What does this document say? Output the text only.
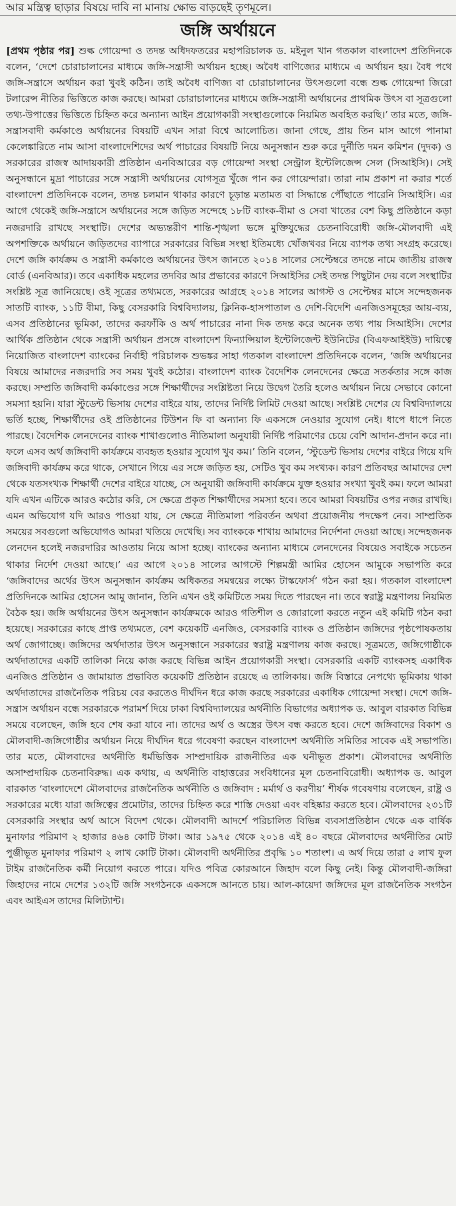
আর মন্ত্রিত্ব ছাড়ার বিষয়ে দাবি না মানায় ক্ষোভ বাড়ছেই তৃণমূলে।

জঙ্গি অর্থায়নে

[প্রথম পৃষ্ঠার পর] শুল্ক গোয়েন্দা ও তদন্ত অধিদফতরের মহাপরিচালক ড. মইনুল খান গতকাল বাংলাদেশ প্রতিদিনকে বলেন, ‘দেশে চোরাচালানের মাধ্যমে জঙ্গি-সন্ত্রাসী অর্থায়ন হচ্ছে। অবৈধ বাণিজ্যের মাধ্যমে এ অর্থায়ন হয়। বৈধ পথে জঙ্গি-সন্ত্রাসে অর্থায়ন করা খুবই কঠিন। তাই অবৈধ বাণিজ্য বা চোরাচালানের উৎসগুলো বন্ধে শুল্ক গোয়েন্দা জিরো টলারেন্স নীতির ভিত্তিতে কাজ করছে। আমরা চোরাচালানের মাধ্যমে জঙ্গি-সন্ত্রাসী অর্থায়নের প্রাথমিক উৎস বা সূত্রগুলো তথ্য-উপাত্তের ভিত্তিতে চিহ্নিত করে অন্যান্য আইন প্রয়োগকারী সংস্থাগুলোকে নিয়মিত অবহিত করছি।’ তার মতে, জঙ্গি-সন্ত্রাসবাদী কর্মকাণ্ডে অর্থায়নের বিষয়টি এখন সারা বিশ্বে আলোচিত। জানা গেছে, প্রায় তিন মাস আগে পানামা কেলেঙ্কারিতে নাম আসা বাংলাদেশিদের অর্থ পাচারের বিষয়টি নিয়ে অনুসন্ধান শুরু করে দুর্নীতি দমন কমিশন (দুদক) ও সরকারের রাজস্ব আদায়কারী প্রতিষ্ঠান এনবিআরের বড় গোয়েন্দা সংস্থা সেন্ট্রাল ইন্টেলিজেন্স সেল (সিআইসি)। সেই অনুসন্ধানে মুদ্রা পাচারের সঙ্গে সন্ত্রাসী অর্থায়নের যোগসূত্র খুঁজে পান কর গোয়েন্দারা। তারা নাম প্রকাশ না করার শর্তে বাংলাদেশ প্রতিদিনকে বলেন, তদন্ত চলমান থাকার কারণে চূড়ান্ত মতামত বা সিদ্ধান্তে পৌঁছাতে পারেনি সিআইসি। এর আগে থেকেই জঙ্গি-সন্ত্রাসে অর্থায়নের সঙ্গে জড়িত সন্দেহে ১৮টি ব্যাংক-বীমা ও সেবা খাতের বেশ কিছু প্রতিষ্ঠানে কড়া নজরদারি রাখছে সংস্থাটি। দেশের অভ্যন্তরীণ শান্তি-শৃঙ্খলা ভঙ্গে মুক্তিযুদ্ধের চেতনাবিরোধী জঙ্গি-মৌলবাদী এই অপশক্তিকে অর্থায়নে জড়িতদের ব্যাপারে সরকারের বিভিন্ন সংস্থা ইতিমধ্যে খোঁজখবর নিয়ে ব্যাপক তথ্য সংগ্রহ করেছে। দেশে জঙ্গি কার্যক্রম ও সন্ত্রাসী কর্মকাণ্ডে অর্থায়নের উৎস জানতে ২০১৪ সালের সেপ্টেম্বরে তদন্তে নামে জাতীয় রাজস্ব বোর্ড (এনবিআর)। তবে একাধিক মহলের তদবির আর প্রভাবের কারণে সিআইসির সেই তদন্ত পিছুটান দেয় বলে সংস্থাটির সংশ্লিষ্ট সূত্র জানিয়েছে। ওই সূত্রের তথ্যমতে, সরকারের আগ্রহে ২০১৪ সালের আগস্ট ও সেপ্টেম্বর মাসে সন্দেহজনক সাতটি ব্যাংক, ১১টি বীমা, কিছু বেসরকারি বিশ্ববিদ্যালয়, ক্লিনিক-হাসপাতাল ও দেশি-বিদেশি এনজিওসমূহের আয়-ব্যয়, এসব প্রতিষ্ঠানের ভূমিকা, তাদের করফাঁকি ও অর্থ পাচারের নানা দিক তদন্ত করে অনেক তথ্য পায় সিআইসি। দেশের আর্থিক প্রতিষ্ঠান থেকে সন্ত্রাসী অর্থায়ন প্রসঙ্গে বাংলাদেশ ফিন্যান্সিয়াল ইন্টেলিজেন্ট ইউনিটের (বিএফআইইউ) দায়িত্বে নিয়োজিত বাংলাদেশ ব্যাংকের নির্বাহী পরিচালক শুভঙ্কর সাহা গতকাল বাংলাদেশ প্রতিদিনকে বলেন, ‘জঙ্গি অর্থায়নের বিষয়ে আমাদের নজরদারি সব সময় খুবই কঠোর। বাংলাদেশ ব্যাংক বৈদেশিক লেনদেনের ক্ষেত্রে সতর্কতার সঙ্গে কাজ করছে। সম্প্রতি জঙ্গিবাদী কর্মকাণ্ডের সঙ্গে শিক্ষার্থীদের সংশ্লিষ্টতা নিয়ে উদ্বেগ তৈরি হলেও অর্থায়ন নিয়ে সেভাবে কোনো সমস্যা হয়নি। যারা স্টুডেন্ট ভিসায় দেশের বাইরে যায়, তাদের নির্দিষ্ট লিমিট দেওয়া আছে। সংশ্লিষ্ট দেশের যে বিশ্ববিদ্যালয়ে ভর্তি হচ্ছে, শিক্ষার্থীদের ওই প্রতিষ্ঠানের টিউশন ফি বা অন্যান্য ফি একসঙ্গে নেওয়ার সুযোগ নেই। ধাপে ধাপে নিতে পারছে। বৈদেশিক লেনদেনের ব্যাংক শাখাগুলোও নীতিমালা অনুযায়ী নির্দিষ্ট পরিমাণের চেয়ে বেশি আদান-প্রদান করে না। ফলে এসব অর্থ জঙ্গিবাদী কার্যক্রমে ব্যবহৃত হওয়ার সুযোগ খুব কম।’ তিনি বলেন, ‘স্টুডেন্ট ভিসায় দেশের বাইরে গিয়ে যদি জঙ্গিবাদী কার্যক্রম করে থাকে, সেখানে গিয়ে এর সঙ্গে জড়িত হয়, সেটিও খুব কম সংখ্যক। কারণ প্রতিবছর আমাদের দেশ থেকে যতসংখ্যক শিক্ষার্থী দেশের বাইরে যাচ্ছে, সে অনুযায়ী জঙ্গিবাদী কার্যক্রমে যুক্ত হওয়ার সংখ্যা খুবই কম। ফলে আমরা যদি এখন এটিকে আরও কঠোর করি, সে ক্ষেত্রে প্রকৃত শিক্ষার্থীদের সমস্যা হবে। তবে আমরা বিষয়টির ওপর নজর রাখছি। এমন অভিযোগ যদি আরও পাওয়া যায়, সে ক্ষেত্রে নীতিমালা পরিবর্তন অথবা প্রয়োজনীয় পদক্ষেপ নেব। সাম্প্রতিক সময়ের সবগুলো অভিযোগও আমরা খতিয়ে দেখেছি। সব ব্যাংককে শাখায় আমাদের নির্দেশনা দেওয়া আছে। সন্দেহজনক লেনদেন হলেই নজরদারির আওতায় নিয়ে আসা হচ্ছে। ব্যাংকের অন্যান্য মাধ্যমে লেনদেনের বিষয়েও সবাইকে সচেতন থাকার নির্দেশ দেওয়া আছে।’ এর আগে ২০১৪ সালের আগস্টে শিল্পমন্ত্রী আমির হোসেন আমুকে সভাপতি করে ‘জঙ্গিবাদের অর্থের উৎস অনুসন্ধান কার্যক্রম অধিকতর সমন্বয়ের লক্ষ্যে টাস্কফোর্স’ গঠন করা হয়। গতকাল বাংলাদেশ প্রতিদিনকে আমির হোসেন আমু জানান, তিনি এখন ওই কমিটিতে সময় দিতে পারছেন না। তবে স্বরাষ্ট্র মন্ত্রণালয় নিয়মিত বৈঠক হয়। জঙ্গি অর্থায়নের উৎস অনুসন্ধান কার্যক্রমকে আরও গতিশীল ও জোরালো করতে নতুন এই কমিটি গঠন করা হয়েছে। সরকারের কাছে প্রাপ্ত তথ্যমতে, বেশ কয়েকটি এনজিও, বেসরকারি ব্যাংক ও প্রতিষ্ঠান জঙ্গিদের পৃষ্ঠপোষকতায় অর্থ জোগাচ্ছে। জঙ্গিদের অর্থদাতার উৎস অনুসন্ধানে সরকারের স্বরাষ্ট্র মন্ত্রণালয় কাজ করছে। সূত্রমতে, জঙ্গিগোষ্ঠীকে অর্থদাতাদের একটি তালিকা নিয়ে কাজ করছে বিভিন্ন আইন প্রয়োগকারী সংস্থা। বেসরকারি একটি ব্যাংকসহ একাধিক এনজিও প্রতিষ্ঠান ও জামায়াত প্রভাবিত কয়েকটি প্রতিষ্ঠান রয়েছে এ তালিকায়। জঙ্গি বিস্তারে নেপথ্যে ভূমিকায় থাকা অর্থদাতাদের রাজনৈতিক পরিচয় বের করতেও দীর্ঘদিন ধরে কাজ করছে সরকারের একাধিক গোয়েন্দা সংস্থা। দেশে জঙ্গি-সন্ত্রাস অর্থায়ন বন্ধে সরকারকে পরামর্শ দিয়ে ঢাকা বিশ্ববিদ্যালয়ের অর্থনীতি বিভাগের অধ্যাপক ড. আবুল বারকাত বিভিন্ন সময়ে বলেছেন, জঙ্গি হবে শেষ করা যাবে না। তাদের অর্থ ও অস্ত্রের উৎস বন্ধ করতে হবে। দেশে জঙ্গিবাদের বিকাশ ও মৌলবাদী-জঙ্গিগোষ্ঠীর অর্থায়ন নিয়ে দীর্ঘদিন ধরে গবেষণা করছেন বাংলাদেশ অর্থনীতি সমিতির সাবেক এই সভাপতি। তার মতে, মৌলবাদের অর্থনীতি ধর্মভিত্তিক সাম্প্রদায়িক রাজনীতির এক ঘনীভূত প্রকাশ। মৌলবাদের অর্থনীতি অসাম্প্রদায়িক চেতনাবিরুদ্ধ। এক কথায়, এ অর্থনীতি বাহাত্তরের সংবিধানের মূল চেতনাবিরোধী। অধ্যাপক ড. আবুল বারকাত ‘বাংলাদেশে মৌলবাদের রাজনৈতিক অর্থনীতি ও জঙ্গিবাদ : মর্মার্থ ও করণীয়’ শীর্ষক গবেষণায় বলেছেন, রাষ্ট্র ও সরকারের মধ্যে যারা জঙ্গিত্বের প্রমোটার, তাদের চিহ্নিত করে শাস্তি দেওয়া এবং বহিষ্কার করতে হবে। মৌলবাদের ২৩১টি বেসরকারি সংস্থার অর্থ আসে বিদেশ থেকে। মৌলবাদী আদর্শে পরিচালিত বিভিন্ন ব্যবসাপ্রতিষ্ঠান থেকে এক বার্ষিক মুনাফার পরিমাণ ২ হাজার ৪৬৪ কোটি টাকা। আর ১৯৭৫ থেকে ২০১৪ এই ৪০ বছরে মৌলবাদের অর্থনীতির মোট পুঞ্জীভূত মুনাফার পরিমাণ ২ লাখ কোটি টাকা। মৌলবাদী অর্থনীতির প্রবৃদ্ধি ১০ শতাংশ। এ অর্থ দিয়ে তারা ৫ লাখ ফুল টাইম রাজনৈতিক কর্মী নিয়োগ করতে পারে। যদিও পবিত্র কোরআনে জিহাদ বলে কিছু নেই। কিন্তু মৌলবাদী-জঙ্গিরা জিহাদের নামে দেশের ১৩২টি জঙ্গি সংগঠনকে একসঙ্গে আনতে চায়। আল-কায়েদা জঙ্গিদের মূল রাজনৈতিক সংগঠন এবং আইএস তাদের মিলিট্যান্ট।
